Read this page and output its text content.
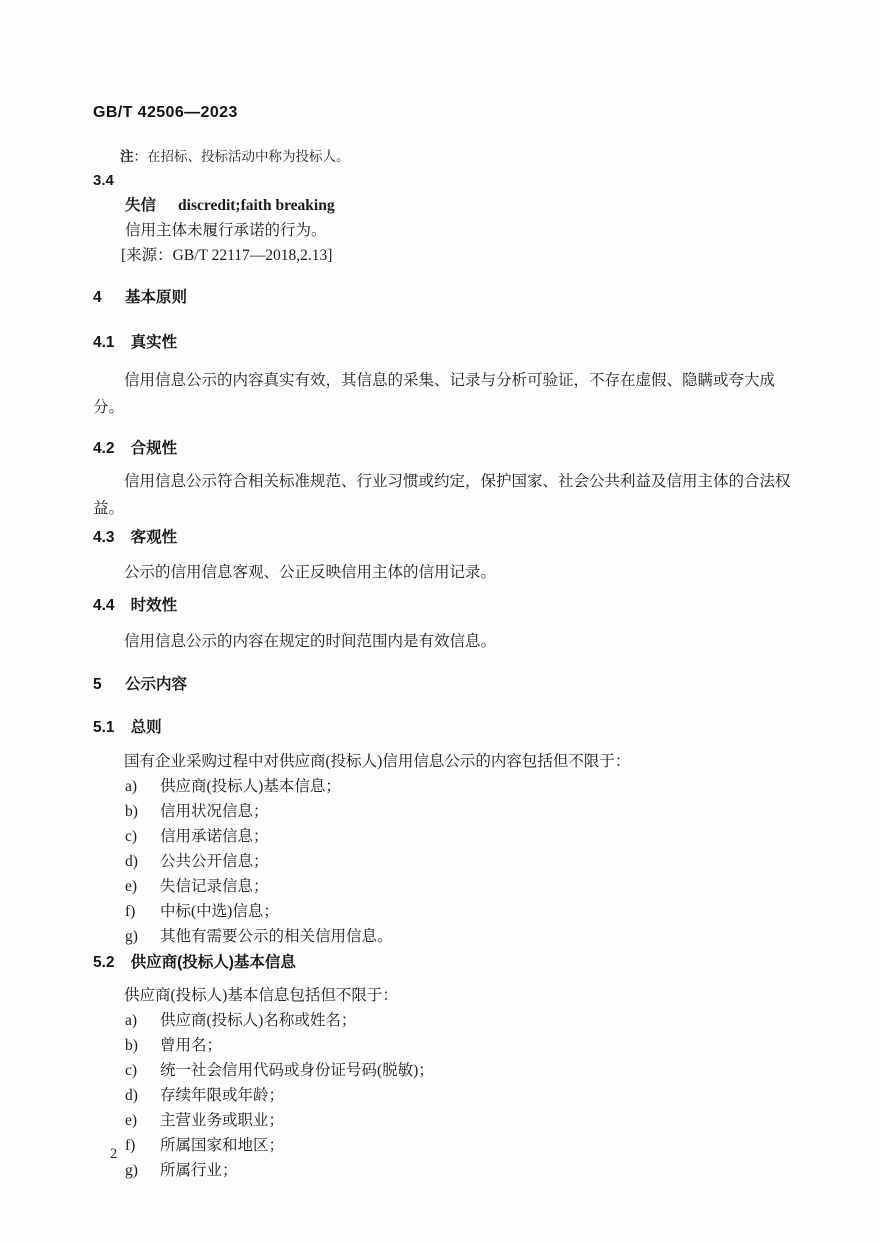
GB/T 42506—2023
注：在招标、投标活动中称为投标人。
3.4
失信 discredit;faith breaking
信用主体未履行承诺的行为。
[来源：GB/T 22117—2018,2.13]
4 基本原则
4.1 真实性
信用信息公示的内容真实有效，其信息的采集、记录与分析可验证，不存在虚假、隐瞒或夸大成分。
4.2 合规性
信用信息公示符合相关标准规范、行业习惯或约定，保护国家、社会公共利益及信用主体的合法权益。
4.3 客观性
公示的信用信息客观、公正反映信用主体的信用记录。
4.4 时效性
信用信息公示的内容在规定的时间范围内是有效信息。
5 公示内容
5.1 总则
国有企业采购过程中对供应商(投标人)信用信息公示的内容包括但不限于：
a) 供应商(投标人)基本信息；
b) 信用状况信息；
c) 信用承诺信息；
d) 公共公开信息；
e) 失信记录信息；
f) 中标(中选)信息；
g) 其他有需要公示的相关信用信息。
5.2 供应商(投标人)基本信息
供应商(投标人)基本信息包括但不限于：
a) 供应商(投标人)名称或姓名；
b) 曾用名；
c) 统一社会信用代码或身份证号码(脱敏)；
d) 存续年限或年龄；
e) 主营业务或职业；
f) 所属国家和地区；
g) 所属行业；
2
